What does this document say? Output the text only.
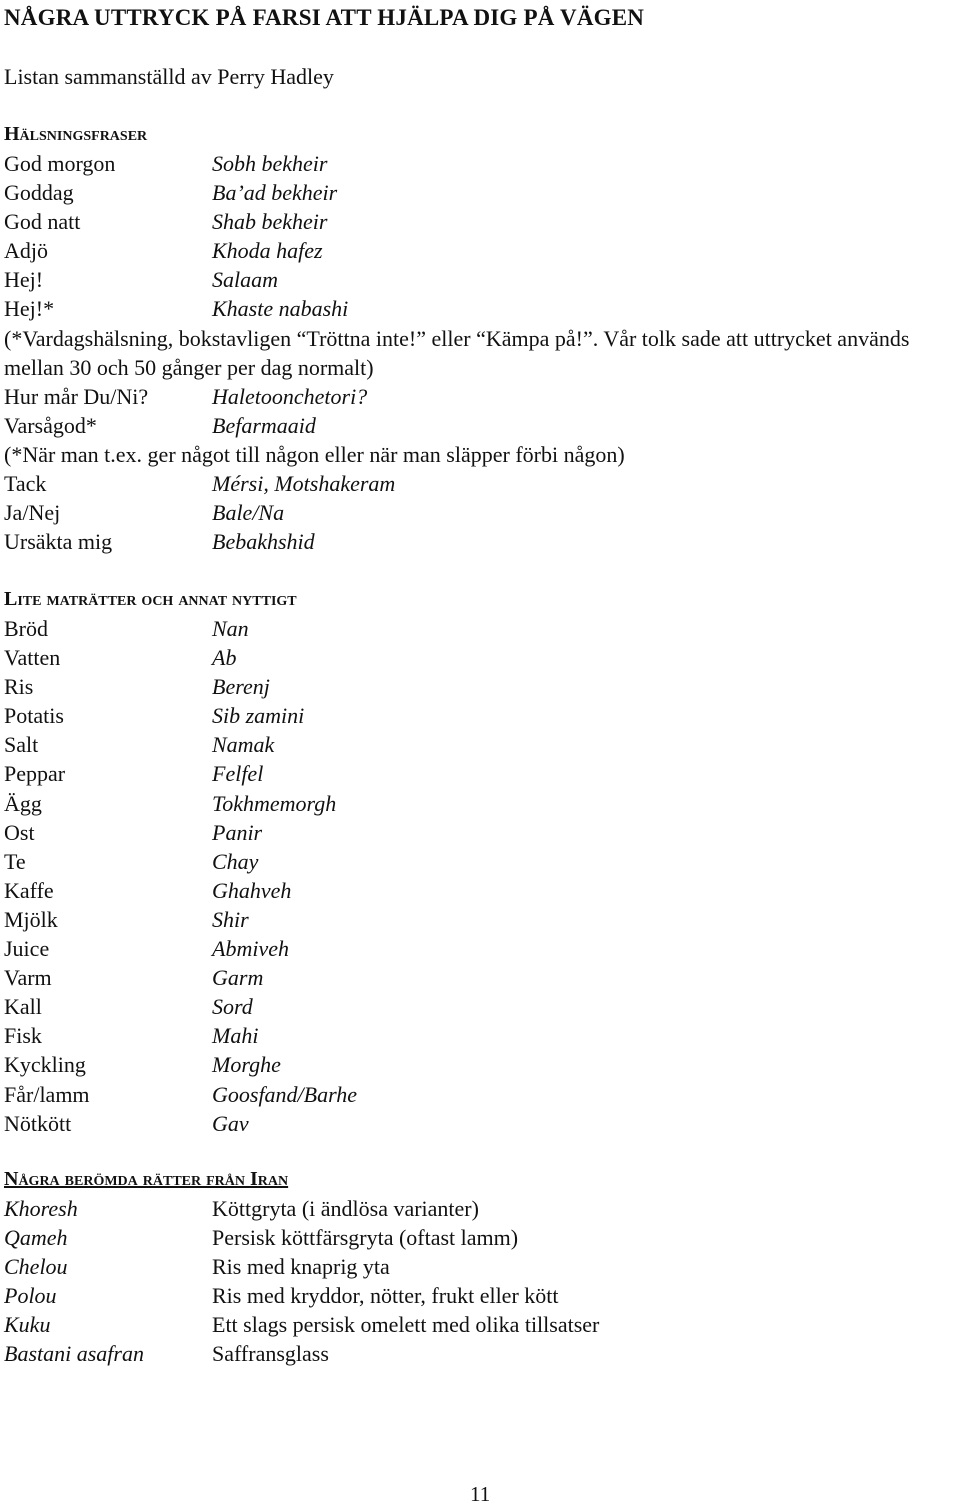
NÅGRA UTTRYCK PÅ FARSI ATT HJÄLPA DIG PÅ VÄGEN
Listan sammanställd av Perry Hadley
Hälsningsfraser
God morgon	Sobh bekheir
Goddag	Ba’ad bekheir
God natt	Shab bekheir
Adjö	Khoda hafez
Hej!	Salaam
Hej!*	Khaste nabashi
(*Vardagshälsning, bokstavligen “Tröttna inte!” eller “Kämpa på!”. Vår tolk sade att uttrycket används mellan 30 och 50 gånger per dag normalt)
Hur mår Du/Ni?	Haletoonchetori?
Varsågod*	Befarmaaid
(*När man t.ex. ger något till någon eller när man släpper förbi någon)
Tack	Mérsi, Motshakeram
Ja/Nej	Bale/Na
Ursäkta mig	Bebakhshid
Lite maträtter och annat nyttigt
Bröd	Nan
Vatten	Ab
Ris	Berenj
Potatis	Sib zamini
Salt	Namak
Peppar	Felfel
Ägg	Tokhmemorgh
Ost	Panir
Te	Chay
Kaffe	Ghahveh
Mjölk	Shir
Juice	Abmiveh
Varm	Garm
Kall	Sord
Fisk	Mahi
Kyckling	Morghe
Får/lamm	Goosfand/Barhe
Nötkött	Gav
Några berömda rätter från Iran
Khoresh	Köttgryta (i ändlösa varianter)
Qameh	Persisk köttfärsgryta (oftast lamm)
Chelou	Ris med knaprig yta
Polou	Ris med kryddor, nötter, frukt eller kött
Kuku	Ett slags persisk omelett med olika tillsatser
Bastani asafran	Saffransglass
11
